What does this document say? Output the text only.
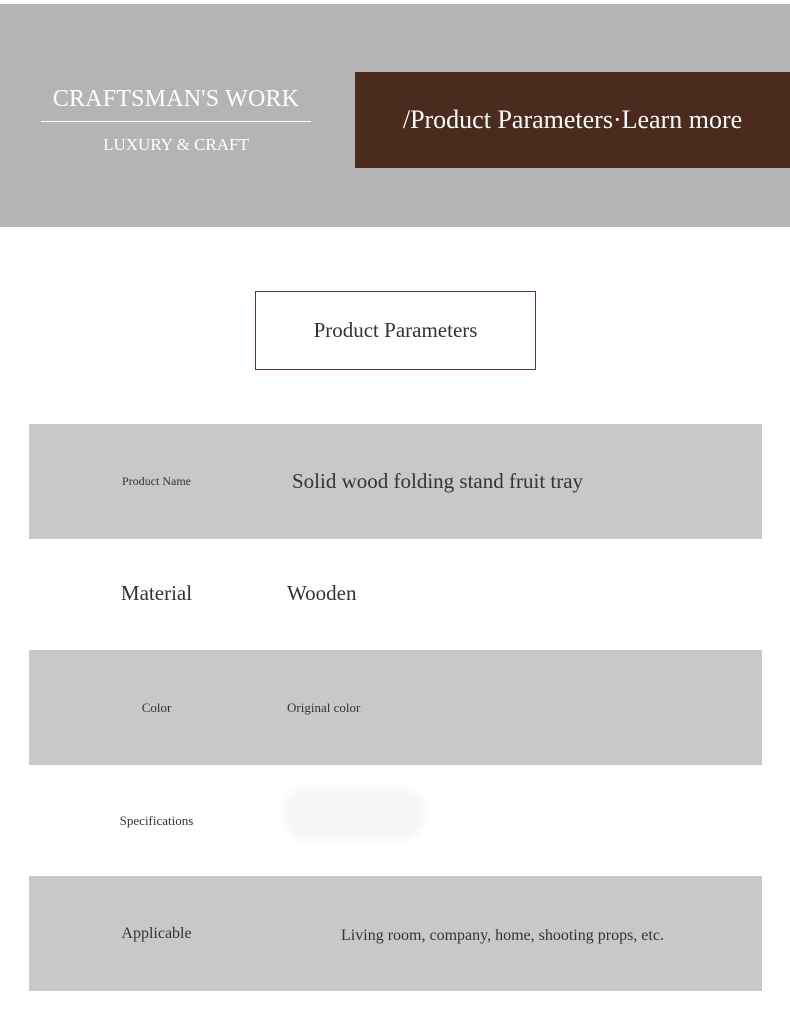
CRAFTSMAN'S WORK
LUXURY & CRAFT
/Product Parameters·Learn more
Product Parameters
Product Name	Solid wood folding stand fruit tray
Material	Wooden
Color	Original color
Specifications
Applicable	Living room, company, home, shooting props, etc.
